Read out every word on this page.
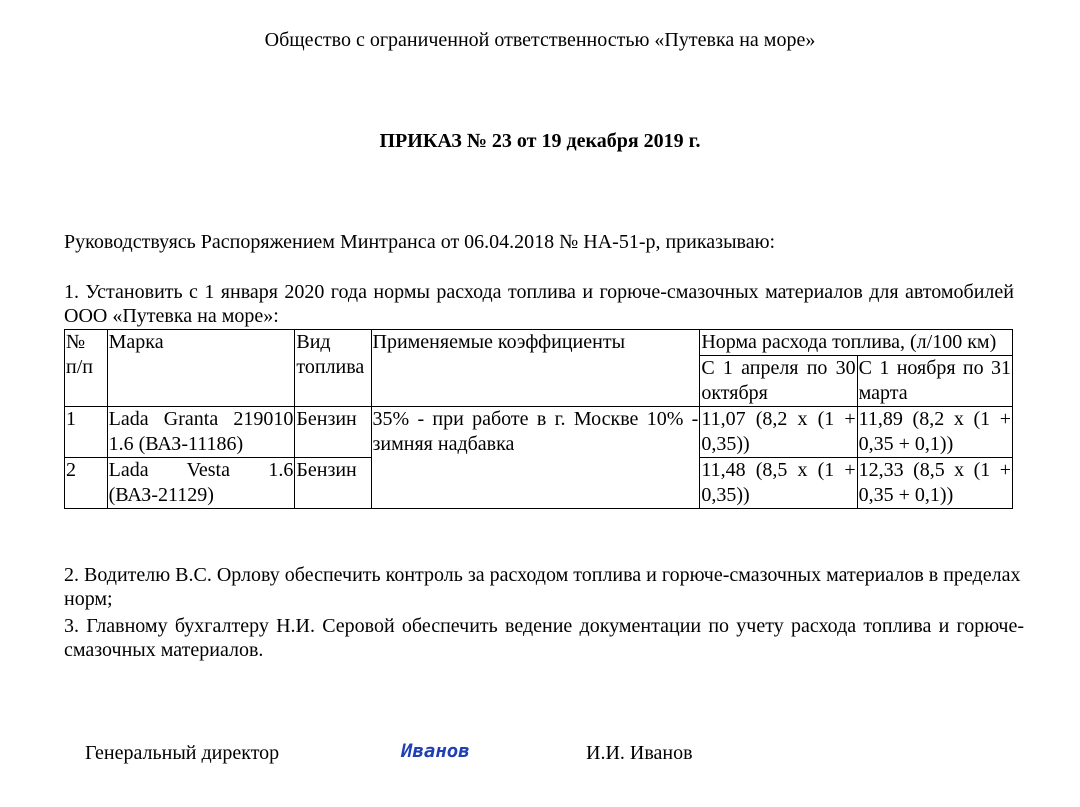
Общество с ограниченной ответственностью «Путевка на море»
ПРИКАЗ № 23 от 19 декабря 2019 г.
Руководствуясь Распоряжением Минтранса от 06.04.2018 № НА-51-р, приказываю:
1. Установить с 1 января 2020 года нормы расхода топлива и горюче-смазочных материалов для автомобилей ООО «Путевка на море»:
№ п/п	Марка	Вид топлива	Применяемые коэффициенты	Норма расхода топлива, (л/100 км)	
				С 1 апреля по 30 октября	С 1 ноября по 31 марта
1	Lada Granta 219010 1.6 (ВАЗ-11186)	Бензин	35% - при работе в г. Москве 10% - зимняя надбавка	11,07 (8,2 х (1 + 0,35))	11,89 (8,2 х (1 + 0,35 + 0,1))
2	Lada Vesta 1.6 (ВАЗ-21129)	Бензин		11,48 (8,5 х (1 + 0,35))	12,33 (8,5 х (1 + 0,35 + 0,1))
2. Водителю В.С. Орлову обеспечить контроль за расходом топлива и горюче-смазочных материалов в пределах норм;
3. Главному бухгалтеру Н.И. Серовой обеспечить ведение документации по учету расхода топлива и горюче-смазочных материалов.
Генеральный директор	Иванов	И.И. Иванов
